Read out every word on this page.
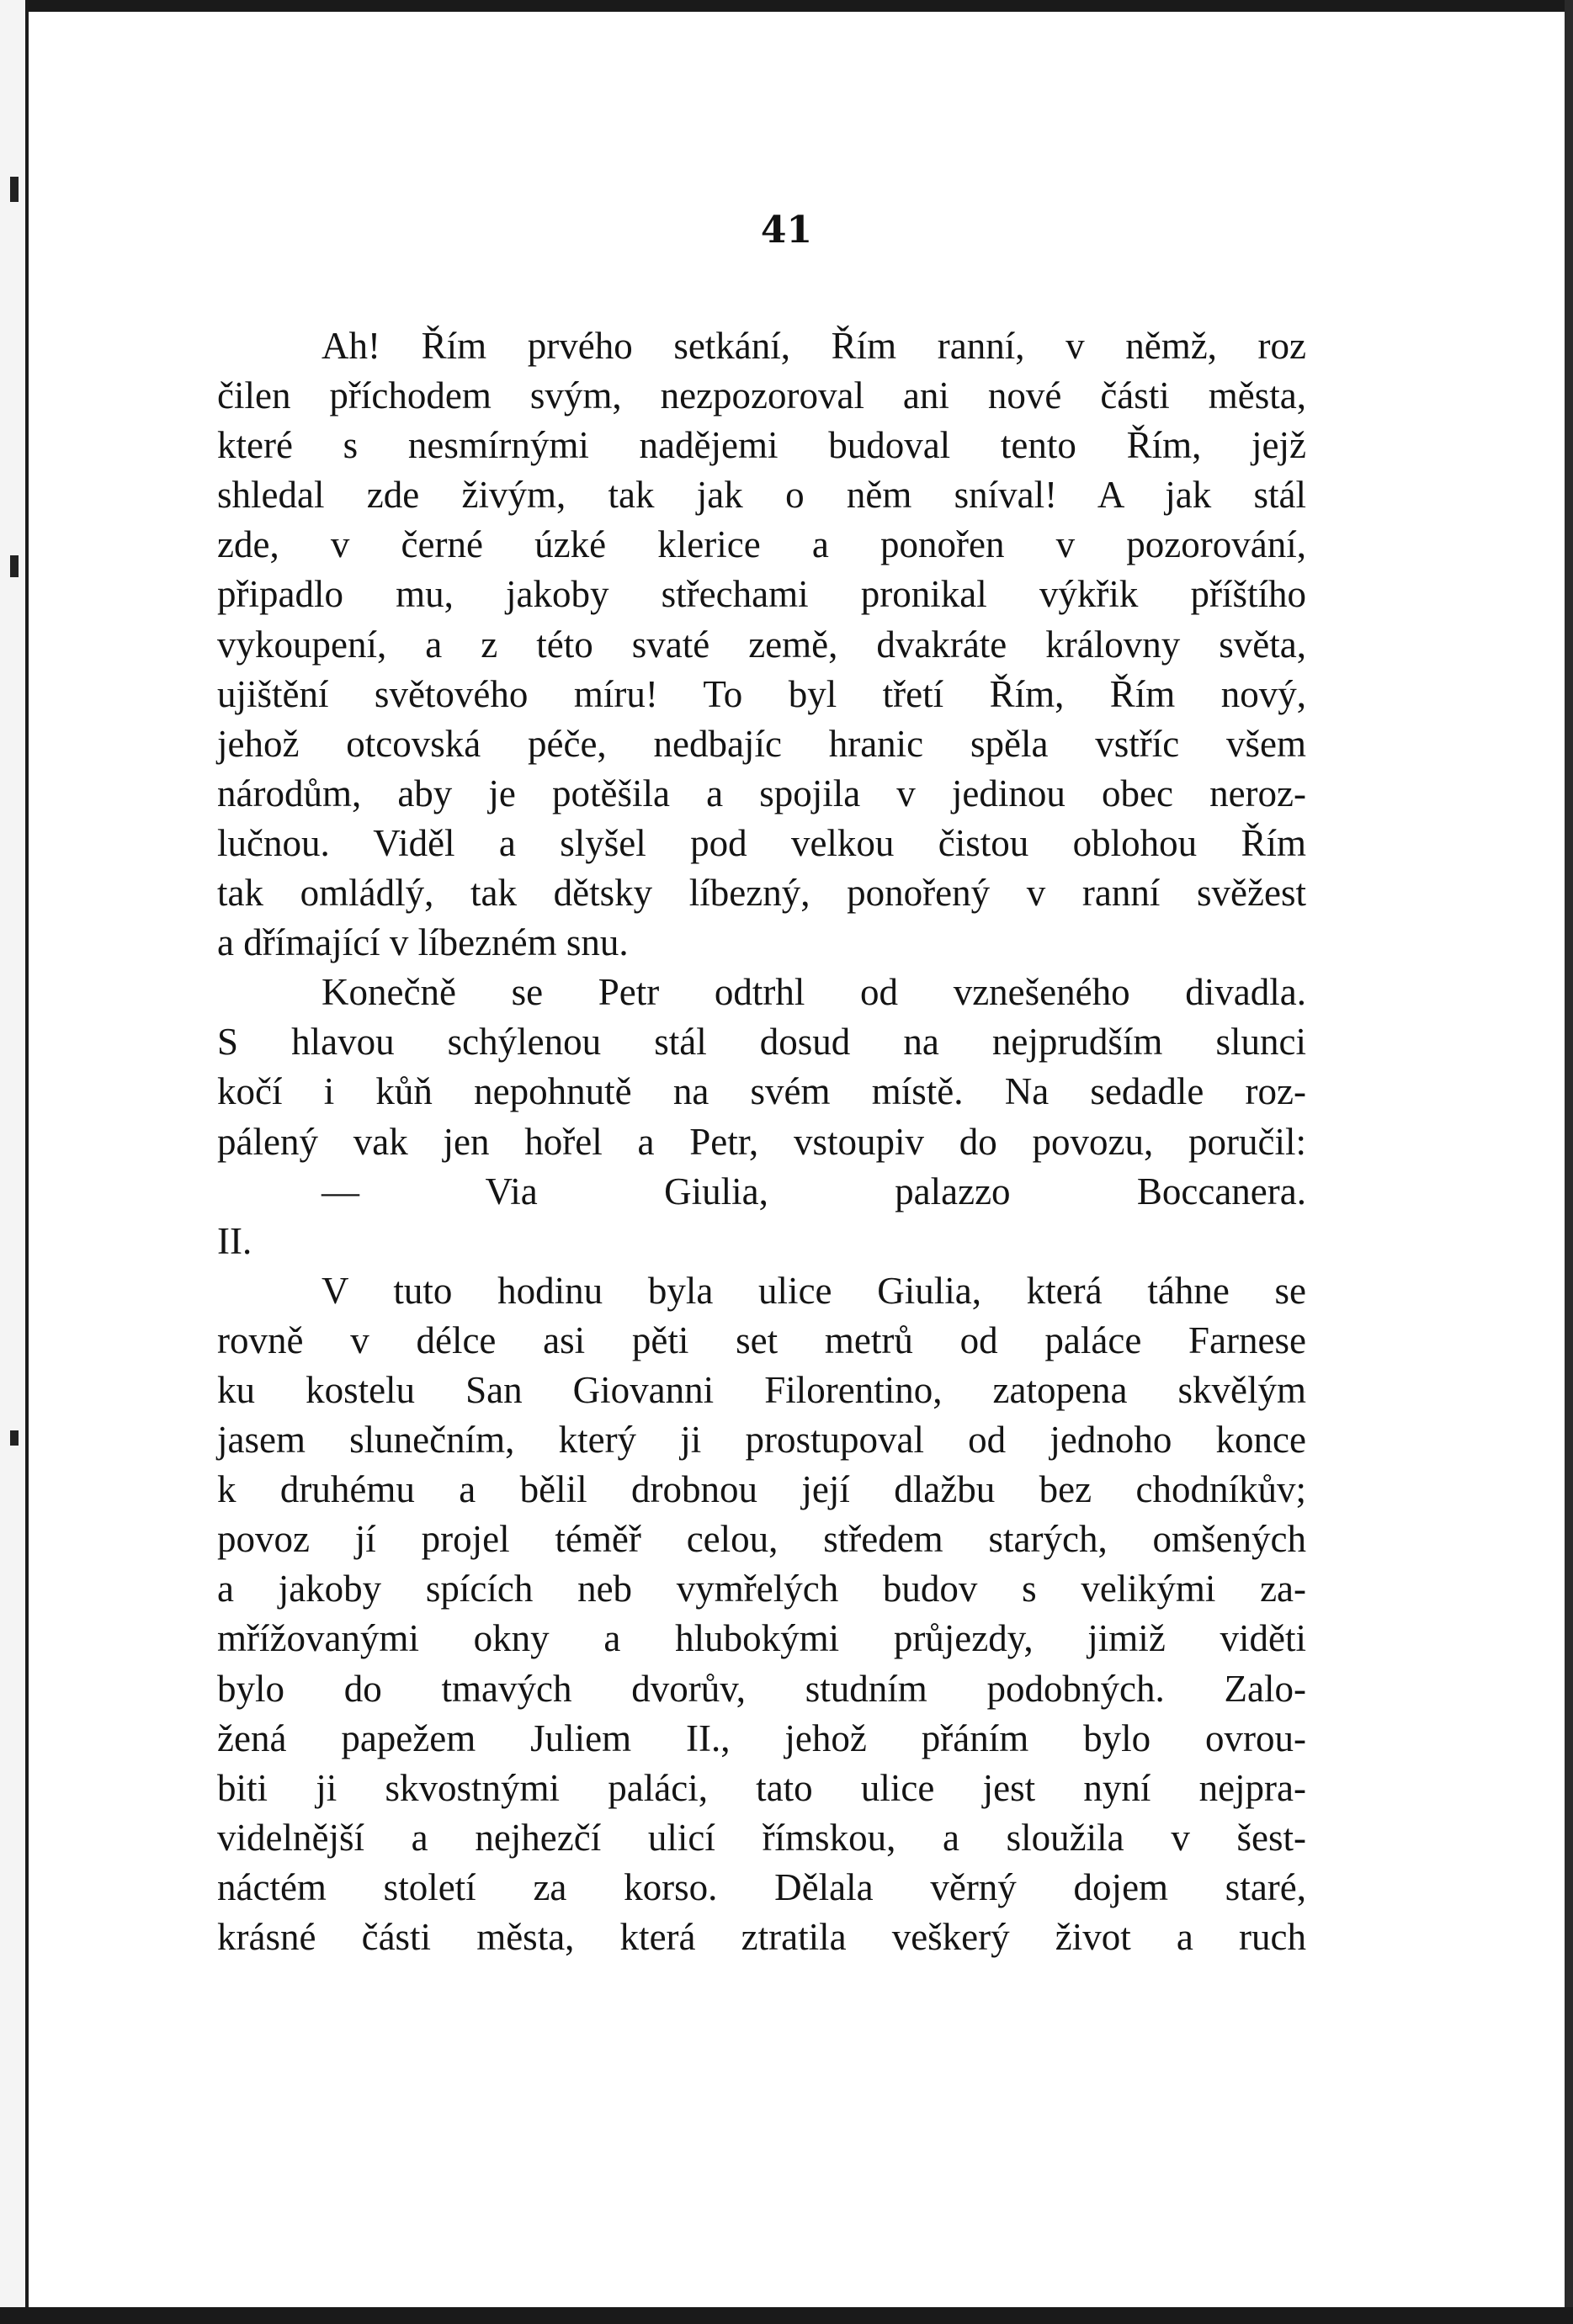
41

Ah! Řím prvého setkání, Řím ranní, v němž, roz

čilen příchodem svým, nezpozoroval ani nové části města,

které s nesmírnými nadějemi budoval tento Řím, jejž

shledal zde živým, tak jak o něm sníval! A jak stál

zde, v černé úzké klerice a ponořen v pozorování,

připadlo mu, jakoby střechami pronikal výkřik příštího

vykoupení, a z této svaté země, dvakráte královny světa,

ujištění světového míru! To byl třetí Řím, Řím nový,

jehož otcovská péče, nedbajíc hranic spěla vstříc všem

národům, aby je potěšila a spojila v jedinou obec neroz-

lučnou. Viděl a slyšel pod velkou čistou oblohou Řím

tak omládlý, tak dětsky líbezný, ponořený v ranní svěžest

a dřímající v líbezném snu.

Konečně se Petr odtrhl od vznešeného divadla.

S hlavou schýlenou stál dosud na nejprudším slunci

kočí i kůň nepohnutě na svém místě. Na sedadle roz-

pálený vak jen hořel a Petr, vstoupiv do povozu, poručil:

— Via Giulia, palazzo Boccanera.

II.

V tuto hodinu byla ulice Giulia, která táhne se

rovně v délce asi pěti set metrů od paláce Farnese

ku kostelu San Giovanni Filorentino, zatopena skvělým

jasem slunečním, který ji prostupoval od jednoho konce

k druhému a bělil drobnou její dlažbu bez chodníkův;

povoz jí projel téměř celou, středem starých, omšených

a jakoby spících neb vymřelých budov s velikými za-

mřížovanými okny a hlubokými průjezdy, jimiž viděti

bylo do tmavých dvorův, studním podobných. Zalo-

žená papežem Juliem II., jehož přáním bylo ovrou-

biti ji skvostnými paláci, tato ulice jest nyní nejpra-

videlnější a nejhezčí ulicí římskou, a sloužila v šest-

náctém století za korso. Dělala věrný dojem staré,

krásné části města, která ztratila veškerý život a ruch
